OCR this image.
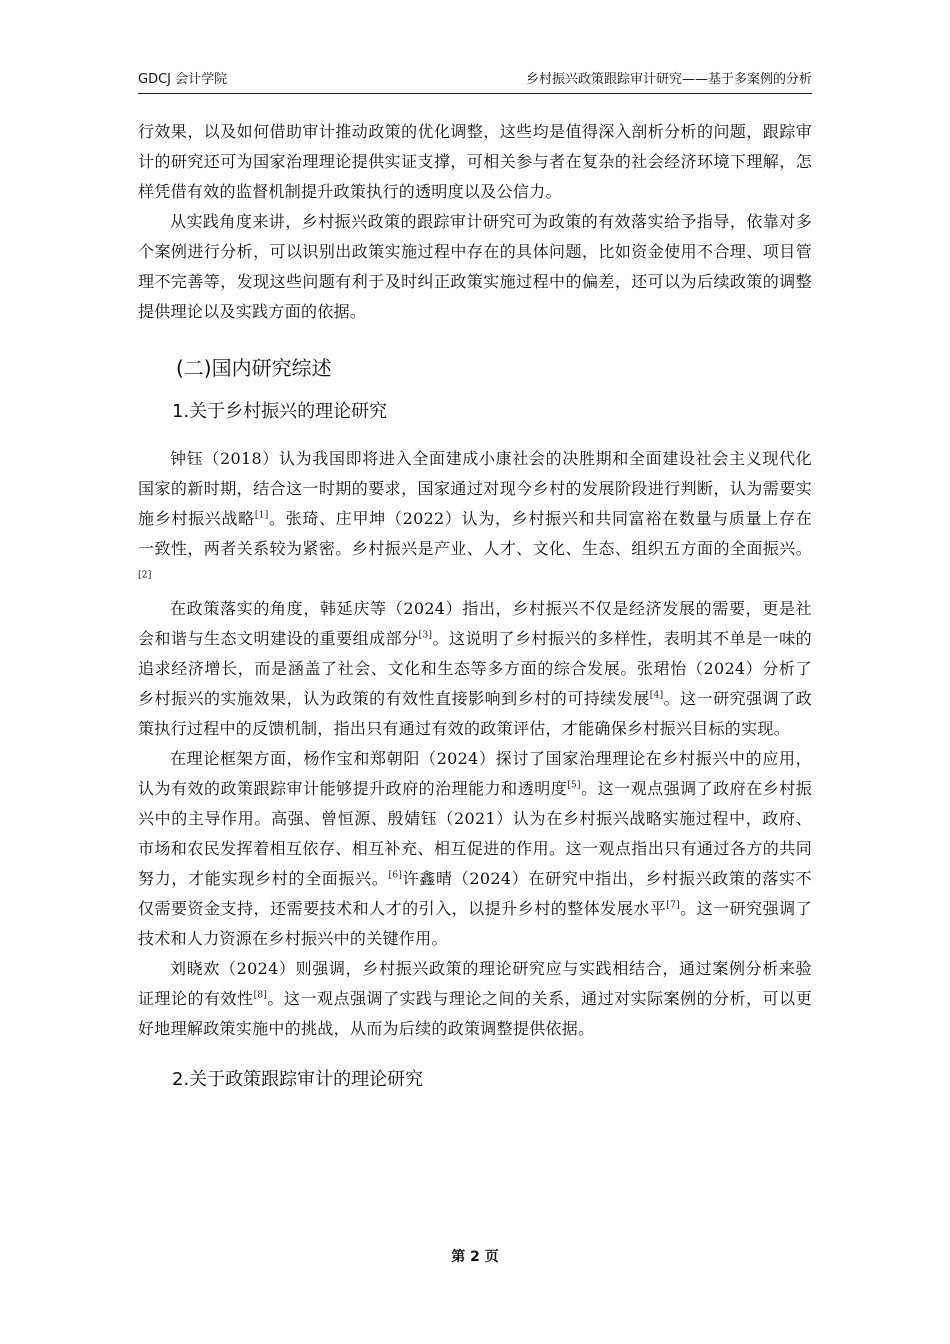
GDCJ 会计学院	乡村振兴政策跟踪审计研究——基于多案例的分析

行效果，以及如何借助审计推动政策的优化调整，这些均是值得深入剖析分析的问题，跟踪审计的研究还可为国家治理理论提供实证支撑，可相关参与者在复杂的社会经济环境下理解，怎样凭借有效的监督机制提升政策执行的透明度以及公信力。

从实践角度来讲，乡村振兴政策的跟踪审计研究可为政策的有效落实给予指导，依靠对多个案例进行分析，可以识别出政策实施过程中存在的具体问题，比如资金使用不合理、项目管理不完善等，发现这些问题有利于及时纠正政策实施过程中的偏差，还可以为后续政策的调整提供理论以及实践方面的依据。

(二)国内研究综述
1.关于乡村振兴的理论研究

钟钰（2018）认为我国即将进入全面建成小康社会的决胜期和全面建设社会主义现代化国家的新时期，结合这一时期的要求，国家通过对现今乡村的发展阶段进行判断，认为需要实施乡村振兴战略[1]。张琦、庄甲坤（2022）认为，乡村振兴和共同富裕在数量与质量上存在一致性，两者关系较为紧密。乡村振兴是产业、人才、文化、生态、组织五方面的全面振兴。[2]

在政策落实的角度，韩延庆等（2024）指出，乡村振兴不仅是经济发展的需要，更是社会和谐与生态文明建设的重要组成部分[3]。这说明了乡村振兴的多样性，表明其不单是一味的追求经济增长，而是涵盖了社会、文化和生态等多方面的综合发展。张珺怡（2024）分析了乡村振兴的实施效果，认为政策的有效性直接影响到乡村的可持续发展[4]。这一研究强调了政策执行过程中的反馈机制，指出只有通过有效的政策评估，才能确保乡村振兴目标的实现。

在理论框架方面，杨作宝和郑朝阳（2024）探讨了国家治理理论在乡村振兴中的应用，认为有效的政策跟踪审计能够提升政府的治理能力和透明度[5]。这一观点强调了政府在乡村振兴中的主导作用。高强、曾恒源、殷婧钰（2021）认为在乡村振兴战略实施过程中，政府、市场和农民发挥着相互依存、相互补充、相互促进的作用。这一观点指出只有通过各方的共同努力，才能实现乡村的全面振兴。[6]许鑫晴（2024）在研究中指出，乡村振兴政策的落实不仅需要资金支持，还需要技术和人才的引入，以提升乡村的整体发展水平[7]。这一研究强调了技术和人力资源在乡村振兴中的关键作用。

刘晓欢（2024）则强调，乡村振兴政策的理论研究应与实践相结合，通过案例分析来验证理论的有效性[8]。这一观点强调了实践与理论之间的关系，通过对实际案例的分析，可以更好地理解政策实施中的挑战，从而为后续的政策调整提供依据。

2.关于政策跟踪审计的理论研究
第 2 页
